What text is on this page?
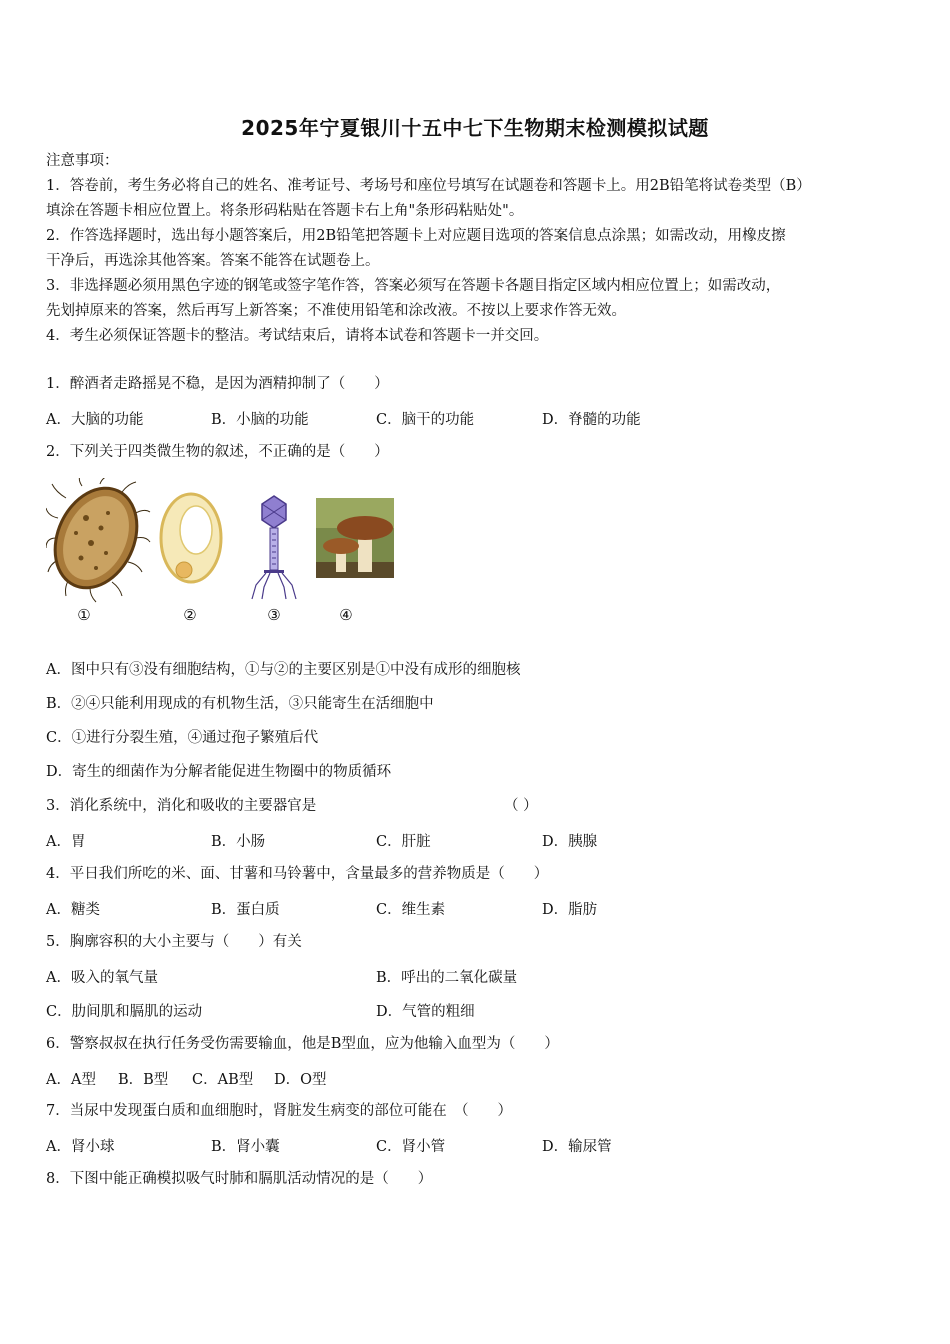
2025年宁夏银川十五中七下生物期末检测模拟试题
注意事项：
1．答卷前，考生务必将自己的姓名、准考证号、考场号和座位号填写在试题卷和答题卡上。用2B铅笔将试卷类型（B）
填涂在答题卡相应位置上。将条形码粘贴在答题卡右上角"条形码粘贴处"。
2．作答选择题时，选出每小题答案后，用2B铅笔把答题卡上对应题目选项的答案信息点涂黑；如需改动，用橡皮擦
干净后，再选涂其他答案。答案不能答在试题卷上。
3．非选择题必须用黑色字迹的钢笔或签字笔作答，答案必须写在答题卡各题目指定区域内相应位置上；如需改动，
先划掉原来的答案，然后再写上新答案；不准使用铅笔和涂改液。不按以上要求作答无效。
4．考生必须保证答题卡的整洁。考试结束后，请将本试卷和答题卡一并交回。
1．醉酒者走路摇晃不稳，是因为酒精抑制了（　　）
A．大脑的功能	B．小脑的功能	C．脑干的功能	D．脊髓的功能
2．下列关于四类微生物的叙述，不正确的是（　　）
①	②	③	④
A．图中只有③没有细胞结构，①与②的主要区别是①中没有成形的细胞核
B．②④只能利用现成的有机物生活，③只能寄生在活细胞中
C．①进行分裂生殖，④通过孢子繁殖后代
D．寄生的细菌作为分解者能促进生物圈中的物质循环
3．消化系统中，消化和吸收的主要器官是	（ ）
A．胃	B．小肠	C．肝脏	D．胰腺
4．平日我们所吃的米、面、甘薯和马铃薯中，含量最多的营养物质是（　　）
A．糖类	B．蛋白质	C．维生素	D．脂肪
5．胸廓容积的大小主要与（　　）有关
A．吸入的氧气量	B．呼出的二氧化碳量
C．肋间肌和膈肌的运动	D．气管的粗细
6．警察叔叔在执行任务受伤需要输血，他是B型血，应为他输入血型为（　　）
A．A型 B．B型 C．AB型 D．O型
7．当尿中发现蛋白质和血细胞时，肾脏发生病变的部位可能在　（　　）
A．肾小球	B．肾小囊	C．肾小管	D．输尿管
8．下图中能正确模拟吸气时肺和膈肌活动情况的是（　　）
